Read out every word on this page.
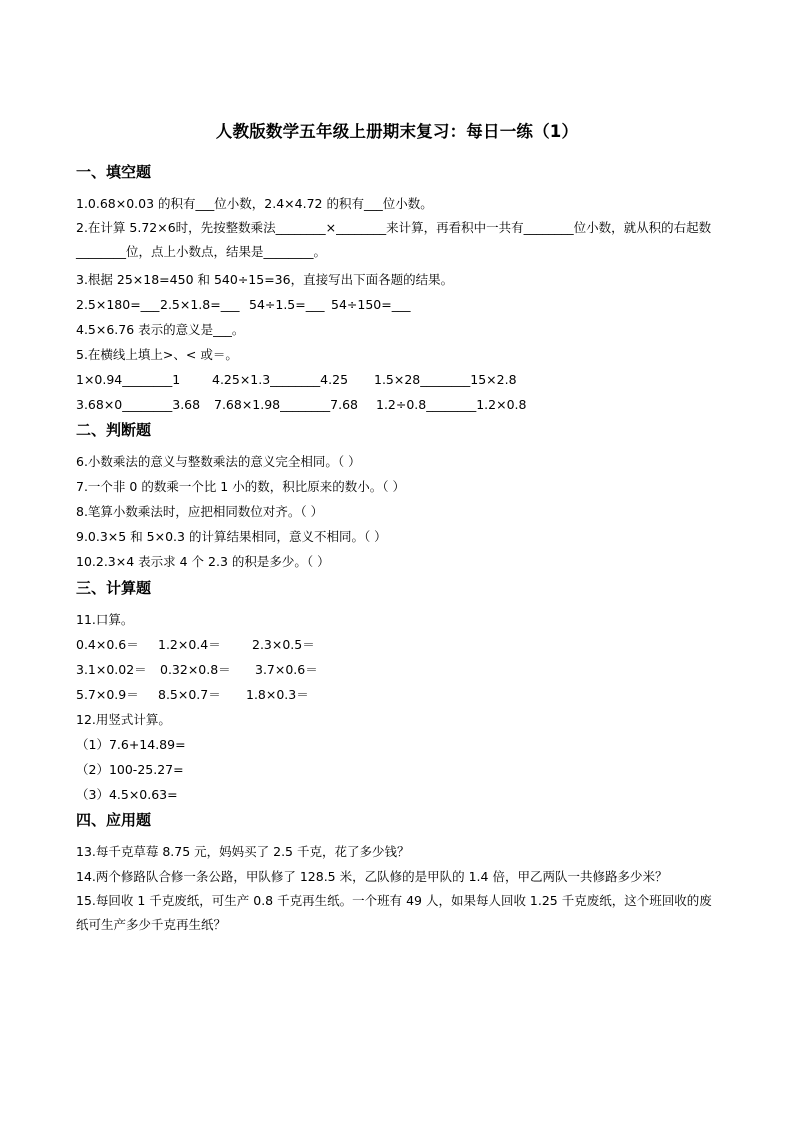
人教版数学五年级上册期末复习：每日一练（1）
一、填空题
1.0.68×0.03 的积有___位小数，2.4×4.72 的积有___位小数。
2.在计算 5.72×6时，先按整数乘法________×________来计算，再看积中一共有________位小数，就从积的右起数________位，点上小数点，结果是________。
3.根据 25×18=450 和 540÷15=36，直接写出下面各题的结果。
2.5×180=___ 2.5×1.8=___ 54÷1.5=___ 54÷150=___
4.5×6.76 表示的意义是___。
5.在横线上填上>、< 或＝。
1×0.94________1	4.25×1.3________4.25 1.5×28________15×2.8
3.68×0________3.68 7.68×1.98________7.68 1.2÷0.8________1.2×0.8
二、判断题
6.小数乘法的意义与整数乘法的意义完全相同。（ ）
7.一个非 0 的数乘一个比 1 小的数，积比原来的数小。（ ）
8.笔算小数乘法时，应把相同数位对齐。（ ）
9.0.3×5 和 5×0.3 的计算结果相同，意义不相同。（ ）
10.2.3×4 表示求 4 个 2.3 的积是多少。（ ）
三、计算题
11.口算。
0.4×0.6＝ 1.2×0.4＝	2.3×0.5＝
3.1×0.02＝ 0.32×0.8＝ 3.7×0.6＝
5.7×0.9＝ 8.5×0.7＝ 1.8×0.3＝
12.用竖式计算。
（1）7.6+14.89=
（2）100-25.27=
（3）4.5×0.63=
四、应用题
13.每千克草莓 8.75 元，妈妈买了 2.5 千克，花了多少钱？
14.两个修路队合修一条公路，甲队修了 128.5 米，乙队修的是甲队的 1.4 倍，甲乙两队一共修路多少米？
15.每回收 1 千克废纸，可生产 0.8 千克再生纸。一个班有 49 人，如果每人回收 1.25 千克废纸，这个班回收的废纸可生产多少千克再生纸？
